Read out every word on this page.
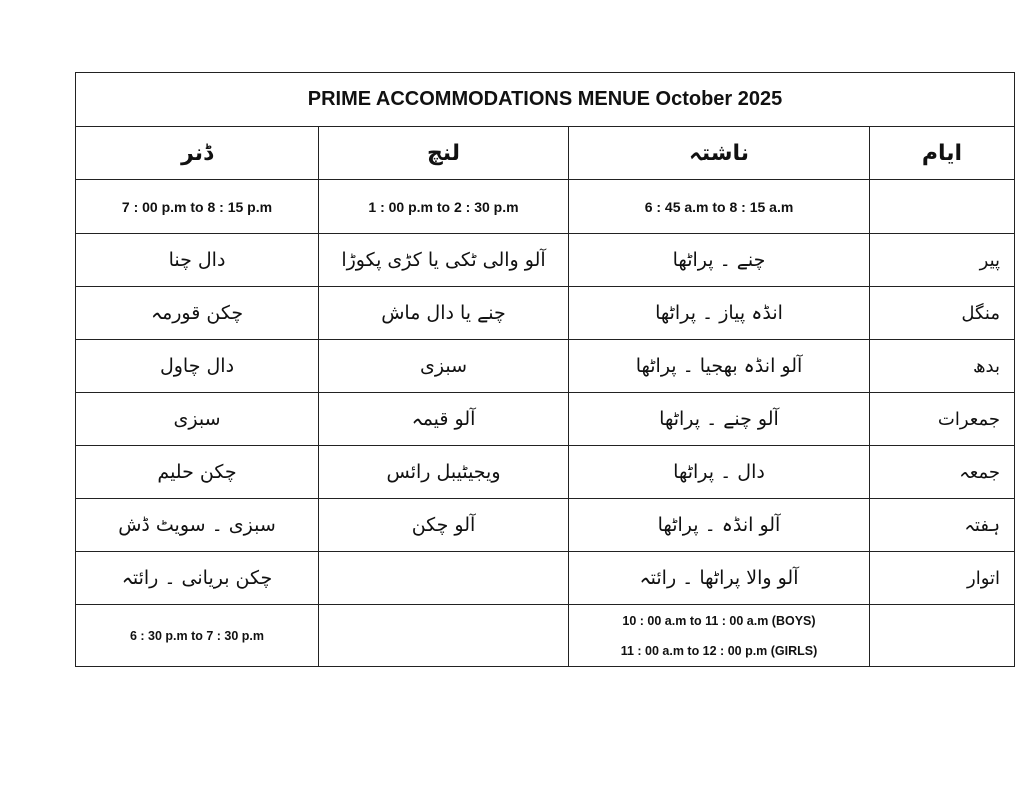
PRIME ACCOMMODATIONS MENUE October 2025			
ڈنر	لنچ	ناشتہ	ایام
7 : 00 p.m to 8 : 15 p.m	1 : 00 p.m to 2 : 30 p.m	6 : 45 a.m to 8 : 15 a.m	
دال چنا	آلو والی ٹکی یا کڑی پکوڑا	چنے ۔ پراٹھا	پیر
چکن قورمہ	چنے یا دال ماش	انڈہ پیاز ۔ پراٹھا	منگل
دال چاول	سبزی	آلو انڈہ بھجیا ۔ پراٹھا	بدھ
سبزی	آلو قیمہ	آلو چنے ۔ پراٹھا	جمعرات
چکن حلیم	ویجیٹیبل رائس	دال ۔ پراٹھا	جمعہ
سبزی ۔ سویٹ ڈش	آلو چکن	آلو انڈہ ۔ پراٹھا	ہفتہ
چکن بریانی ۔ رائتہ		آلو والا پراٹھا ۔ رائتہ	اتوار

6 : 30 p.m to 7 : 30 p.m		10 : 00 a.m to 11 : 00 a.m (BOYS)
11 : 00 a.m to 12 : 00 p.m (GIRLS)	
